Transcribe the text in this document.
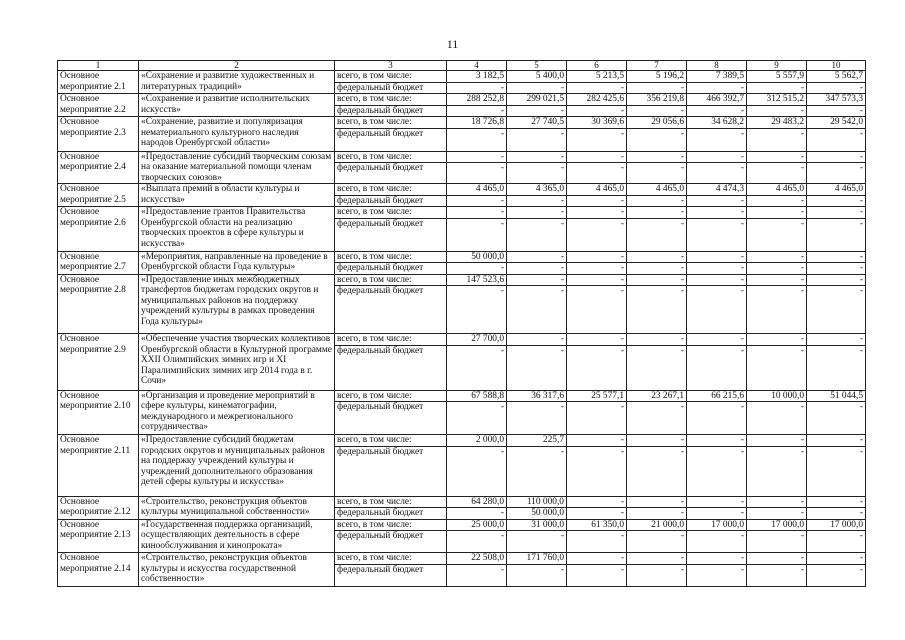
11
1	2	3	4	5	6	7	8	9	10
Основное мероприятие 2.1	«Сохранение и развитие художественных и литературных традиций»	всего, в том числе:	3 182,5	5 400,0	5 213,5	5 196,2	7 389,5	5 557,9	5 562,7
		федеральный бюджет	-	-	-	-	-	-	-
Основное мероприятие 2.2	«Сохранение и развитие исполнительских искусств»	всего, в том числе:	288 252,8	299 021,5	282 425,6	356 219,8	466 392,7	312 515,2	347 573,3
		федеральный бюджет	-	-	-	-	-	-	-
Основное мероприятие 2.3	«Сохранение, развитие и популяризация нематериального культурного наследия народов Оренбургской области»	всего, в том числе:	18 726,8	27 740,5	30 369,6	29 056,6	34 628,2	29 483,2	29 542,0
		федеральный бюджет	-	-	-	-	-	-	-
Основное мероприятие 2.4	«Предоставление субсидий творческим союзам на оказание материальной помощи членам творческих союзов»	всего, в том числе:	-	-	-	-	-	-	-
		федеральный бюджет	-	-	-	-	-	-	-
Основное мероприятие 2.5	«Выплата премий в области культуры и искусства»	всего, в том числе:	4 465,0	4 365,0	4 465,0	4 465,0	4 474,3	4 465,0	4 465,0
		федеральный бюджет	-	-	-	-	-	-	-
Основное мероприятие 2.6	«Предоставление грантов Правительства Оренбургской области на реализацию творческих проектов в сфере культуры и искусства»	всего, в том числе:	-	-	-	-	-	-	-
		федеральный бюджет	-	-	-	-	-	-	-
Основное мероприятие 2.7	«Мероприятия, направленные на проведение в Оренбургской области Года культуры»	всего, в том числе:	50 000,0	-	-	-	-	-	-
		федеральный бюджет	-	-	-	-	-	-	-
Основное мероприятие 2.8	«Предоставление иных межбюджетных трансфертов бюджетам городских округов и муниципальных районов на поддержку учреждений культуры в рамках проведения Года культуры»	всего, в том числе:	147 523,6	-	-	-	-	-	-
		федеральный бюджет	-	-	-	-	-	-	-
Основное мероприятие 2.9	«Обеспечение участия творческих коллективов Оренбургской области в Культурной программе XXII Олимпийских зимних игр и XI Паралимпийских зимних игр 2014 года в г. Сочи»	всего, в том числе:	27 700,0	-	-	-	-	-	-
		федеральный бюджет	-	-	-	-	-	-	-
Основное мероприятие 2.10	«Организация и проведение мероприятий в сфере культуры, кинематографии, международного и межрегионального сотрудничества»	всего, в том числе:	67 588,8	36 317,6	25 577,1	23 267,1	66 215,6	10 000,0	51 044,5
		федеральный бюджет	-	-	-	-	-	-	-
Основное мероприятие 2.11	«Предоставление субсидий бюджетам городских округов и муниципальных районов на поддержку учреждений культуры и учреждений дополнительного образования детей сферы культуры и искусства»	всего, в том числе:	2 000,0	225,7	-	-	-	-	-
		федеральный бюджет	-	-	-	-	-	-	-
Основное мероприятие 2.12	«Строительство, реконструкция объектов культуры муниципальной собственности»	всего, в том числе:	64 280,0	110 000,0	-	-	-	-	-
		федеральный бюджет	-	50 000,0	-	-	-	-	-
Основное мероприятие 2.13	«Государственная поддержка организаций, осуществляющих деятельность в сфере кинообслуживания и кинопроката»	всего, в том числе:	25 000,0	31 000,0	61 350,0	21 000,0	17 000,0	17 000,0	17 000,0
		федеральный бюджет	-	-	-	-	-	-	-
Основное мероприятие 2.14	«Строительство, реконструкция объектов культуры и искусства государственной собственности»	всего, в том числе:	22 508,0	171 760,0	-	-	-	-	-
		федеральный бюджет	-	-	-	-	-	-	-
